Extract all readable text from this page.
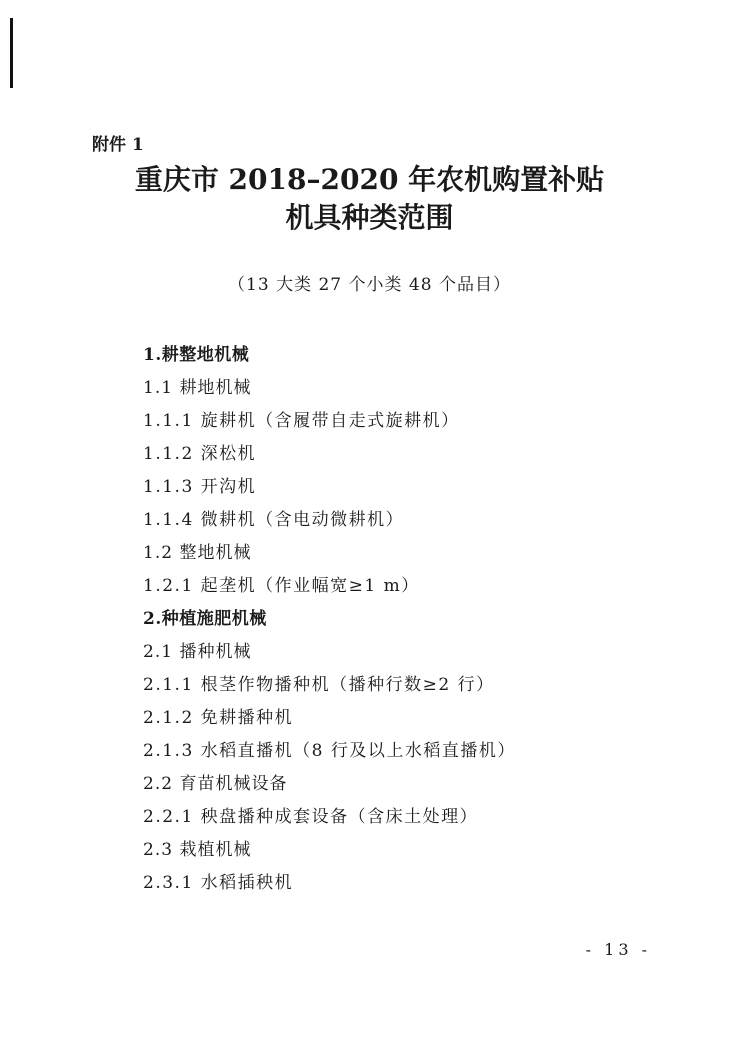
附件 1
重庆市 2018–2020 年农机购置补贴
机具种类范围
（13 大类 27 个小类 48 个品目）
1.耕整地机械
1.1 耕地机械
1.1.1 旋耕机（含履带自走式旋耕机）
1.1.2 深松机
1.1.3 开沟机
1.1.4 微耕机（含电动微耕机）
1.2 整地机械
1.2.1 起垄机（作业幅宽≥1 m）
2.种植施肥机械
2.1 播种机械
2.1.1 根茎作物播种机（播种行数≥2 行）
2.1.2 免耕播种机
2.1.3 水稻直播机（8 行及以上水稻直播机）
2.2 育苗机械设备
2.2.1 秧盘播种成套设备（含床土处理）
2.3 栽植机械
2.3.1 水稻插秧机
- 13 -
